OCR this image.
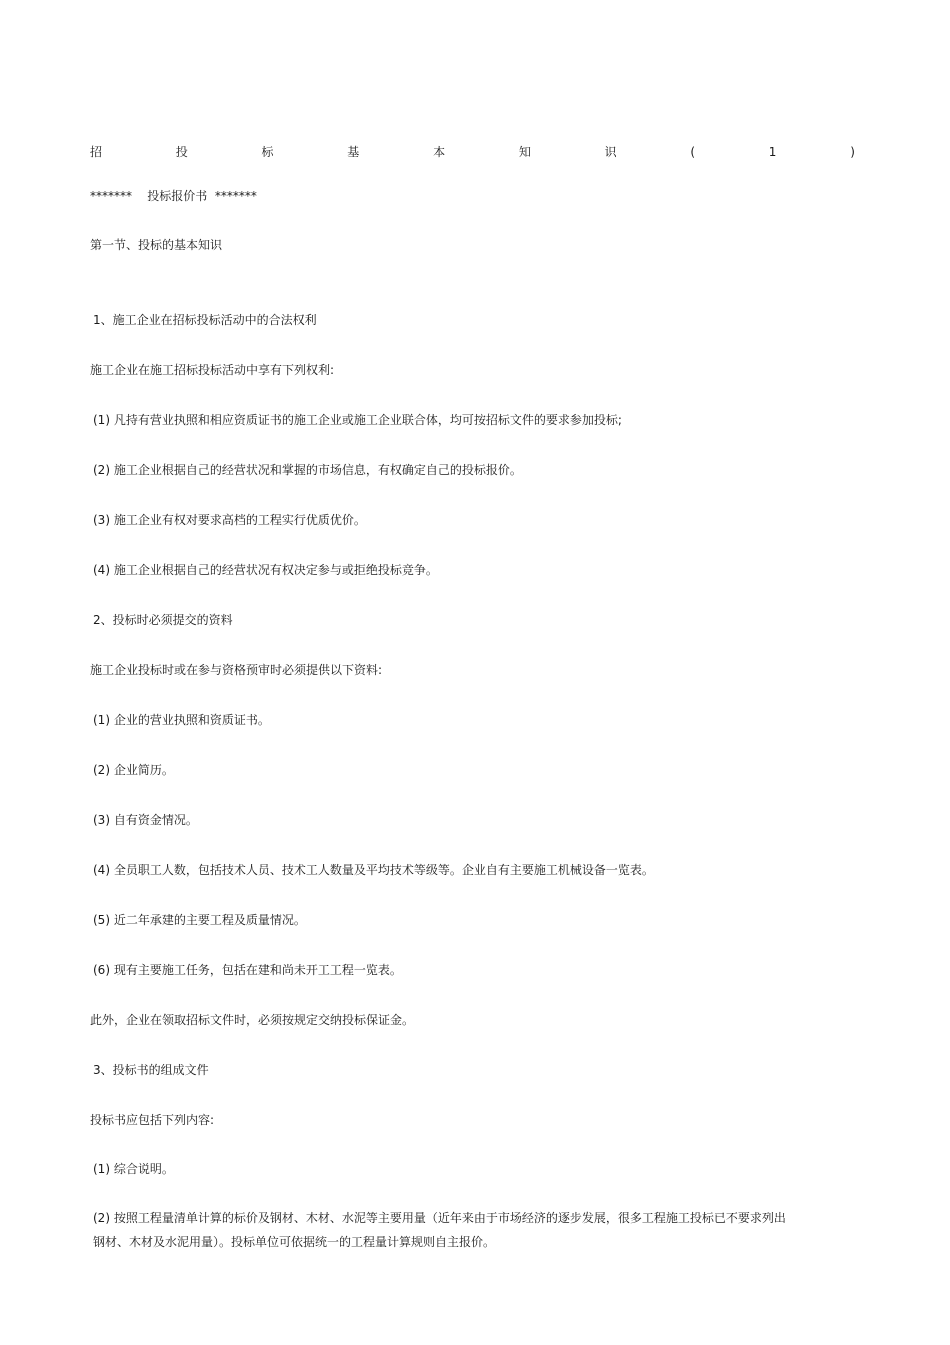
招	投	标	基	本	知	识	(	1	)
*******    投标报价书  *******
第一节、投标的基本知识
1、施工企业在招标投标活动中的合法权利
施工企业在施工招标投标活动中享有下列权利:
(1) 凡持有营业执照和相应资质证书的施工企业或施工企业联合体，均可按招标文件的要求参加投标;
(2) 施工企业根据自己的经营状况和掌握的市场信息，有权确定自己的投标报价。
(3) 施工企业有权对要求高档的工程实行优质优价。
(4) 施工企业根据自己的经营状况有权决定参与或拒绝投标竞争。
2、投标时必须提交的资料
施工企业投标时或在参与资格预审时必须提供以下资料:
(1) 企业的营业执照和资质证书。
(2) 企业简历。
(3) 自有资金情况。
(4) 全员职工人数，包括技术人员、技术工人数量及平均技术等级等。企业自有主要施工机械设备一览表。
(5) 近二年承建的主要工程及质量情况。
(6) 现有主要施工任务，包括在建和尚未开工工程一览表。
此外，企业在领取招标文件时，必须按规定交纳投标保证金。
3、投标书的组成文件
投标书应包括下列内容:
(1) 综合说明。
(2) 按照工程量清单计算的标价及钢材、木材、水泥等主要用量（近年来由于市场经济的逐步发展，很多工程施工投标已不要求列出钢材、木材及水泥用量）。投标单位可依据统一的工程量计算规则自主报价。
